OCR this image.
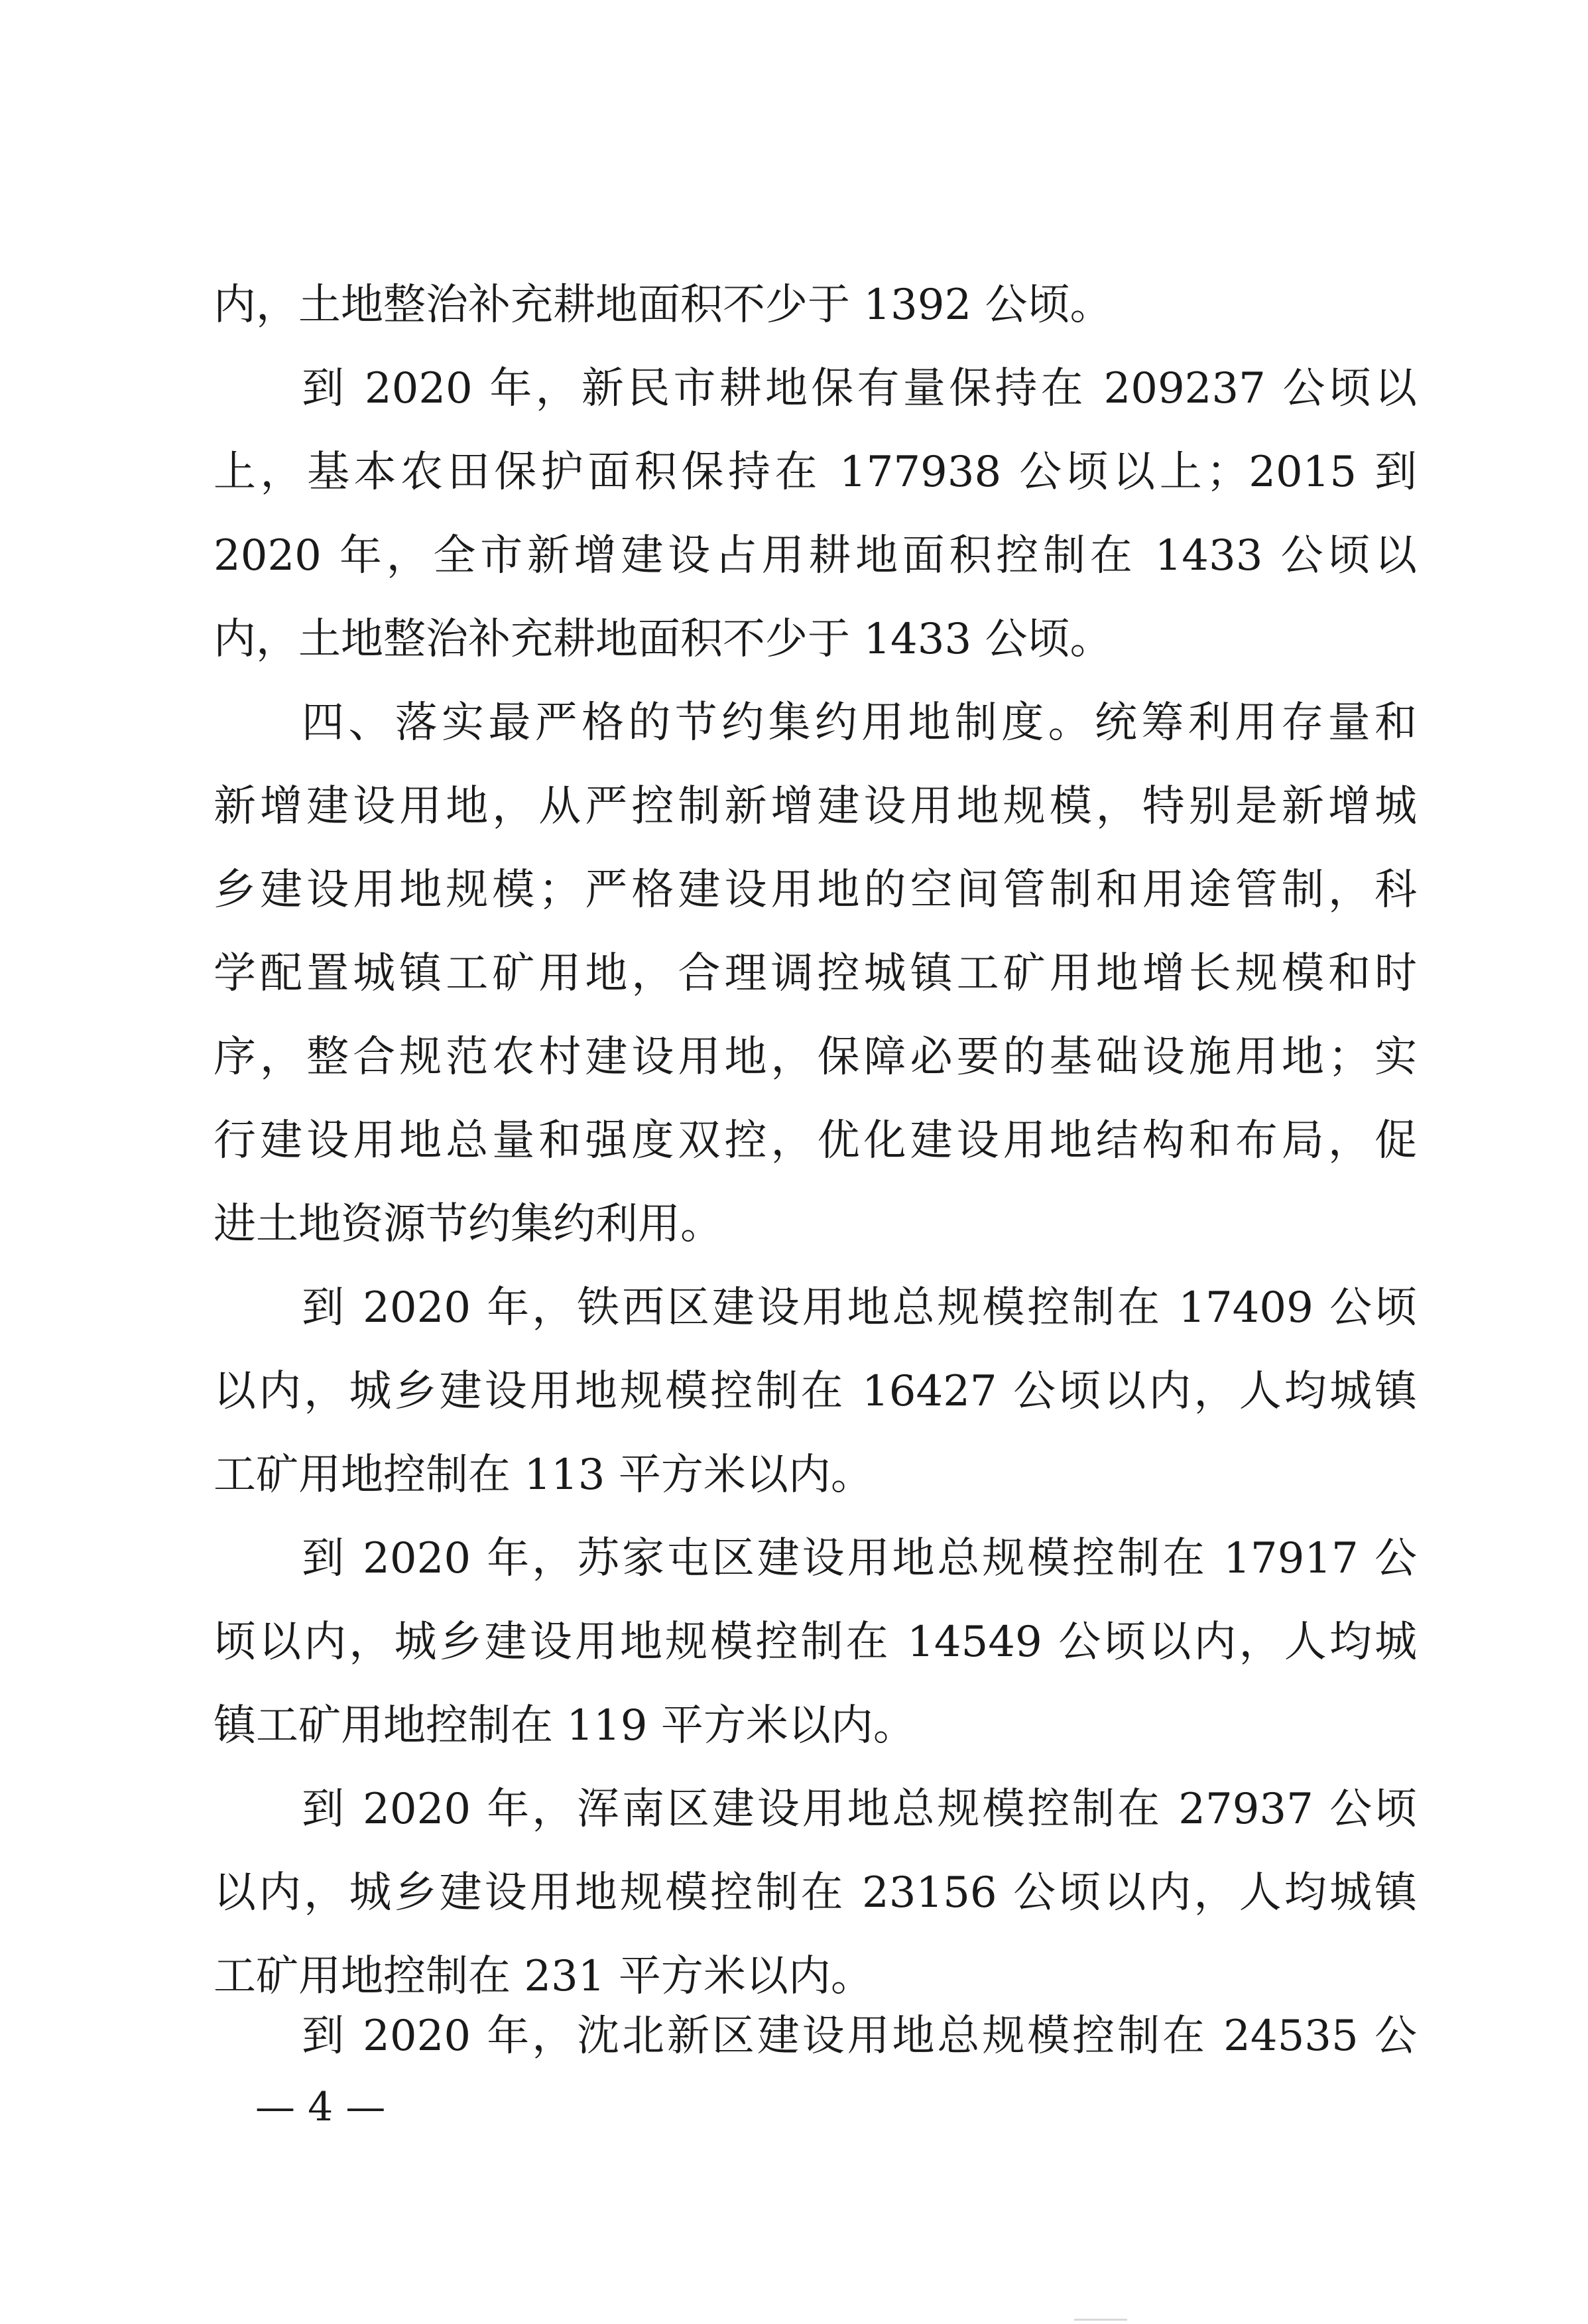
内，土地整治补充耕地面积不少于 1392 公顷。
到 2020 年，新民市耕地保有量保持在 209237 公顷以
上，基本农田保护面积保持在 177938 公顷以上；2015 到
2020 年，全市新增建设占用耕地面积控制在 1433 公顷以
内，土地整治补充耕地面积不少于 1433 公顷。
四、落实最严格的节约集约用地制度。统筹利用存量和
新增建设用地，从严控制新增建设用地规模，特别是新增城
乡建设用地规模；严格建设用地的空间管制和用途管制，科
学配置城镇工矿用地，合理调控城镇工矿用地增长规模和时
序，整合规范农村建设用地，保障必要的基础设施用地；实
行建设用地总量和强度双控，优化建设用地结构和布局，促
进土地资源节约集约利用。
到 2020 年，铁西区建设用地总规模控制在 17409 公顷
以内，城乡建设用地规模控制在 16427 公顷以内，人均城镇
工矿用地控制在 113 平方米以内。
到 2020 年，苏家屯区建设用地总规模控制在 17917 公
顷以内，城乡建设用地规模控制在 14549 公顷以内，人均城
镇工矿用地控制在 119 平方米以内。
到 2020 年，浑南区建设用地总规模控制在 27937 公顷
以内，城乡建设用地规模控制在 23156 公顷以内，人均城镇
工矿用地控制在 231 平方米以内。
到 2020 年，沈北新区建设用地总规模控制在 24535 公
— 4 —
